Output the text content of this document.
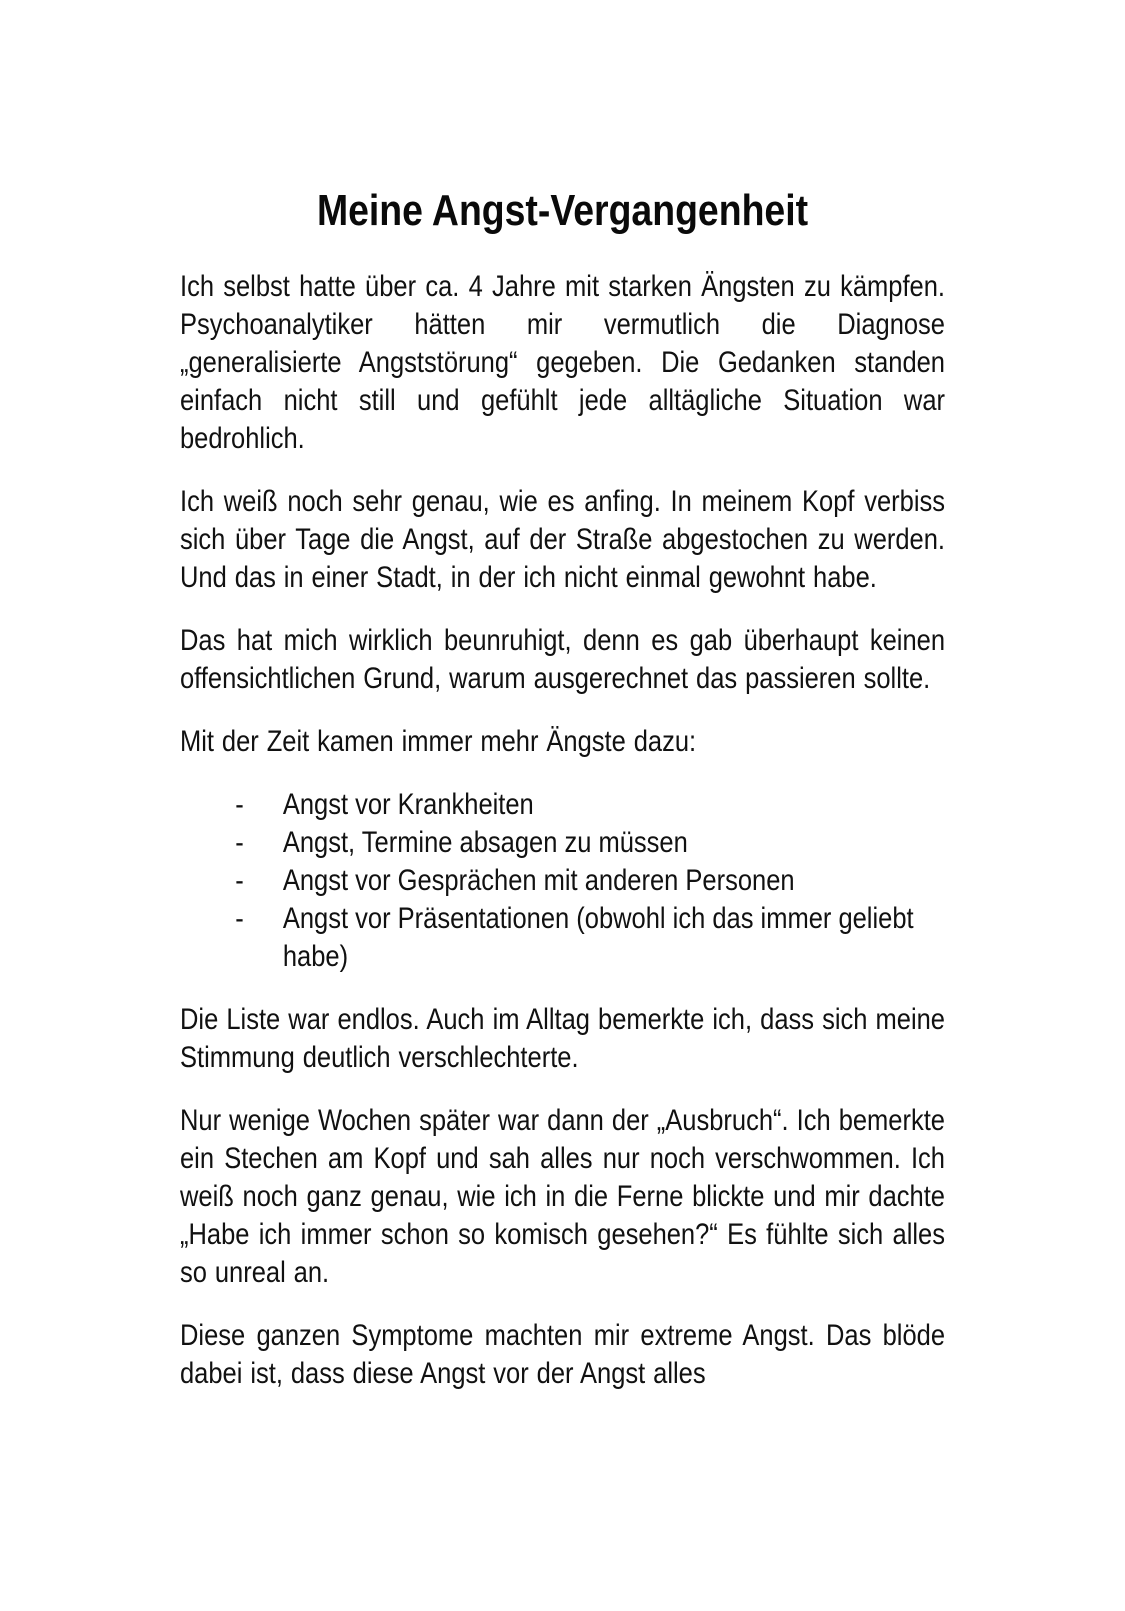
Meine Angst-Vergangenheit

Ich selbst hatte über ca. 4 Jahre mit starken Ängsten zu kämpfen. Psychoanalytiker hätten mir vermutlich die Diagnose „generalisierte Angststörung“ gegeben. Die Gedanken standen einfach nicht still und gefühlt jede alltägliche Situation war bedrohlich.

Ich weiß noch sehr genau, wie es anfing. In meinem Kopf verbiss sich über Tage die Angst, auf der Straße abgestochen zu werden. Und das in einer Stadt, in der ich nicht einmal gewohnt habe.

Das hat mich wirklich beunruhigt, denn es gab überhaupt keinen offensichtlichen Grund, warum ausgerechnet das passieren sollte.

Mit der Zeit kamen immer mehr Ängste dazu:

- Angst vor Krankheiten
- Angst, Termine absagen zu müssen
- Angst vor Gesprächen mit anderen Personen
- Angst vor Präsentationen (obwohl ich das immer geliebt habe)

Die Liste war endlos. Auch im Alltag bemerkte ich, dass sich meine Stimmung deutlich verschlechterte.

Nur wenige Wochen später war dann der „Ausbruch“. Ich bemerkte ein Stechen am Kopf und sah alles nur noch verschwommen. Ich weiß noch ganz genau, wie ich in die Ferne blickte und mir dachte „Habe ich immer schon so komisch gesehen?“ Es fühlte sich alles so unreal an.

Diese ganzen Symptome machten mir extreme Angst. Das blöde dabei ist, dass diese Angst vor der Angst alles
